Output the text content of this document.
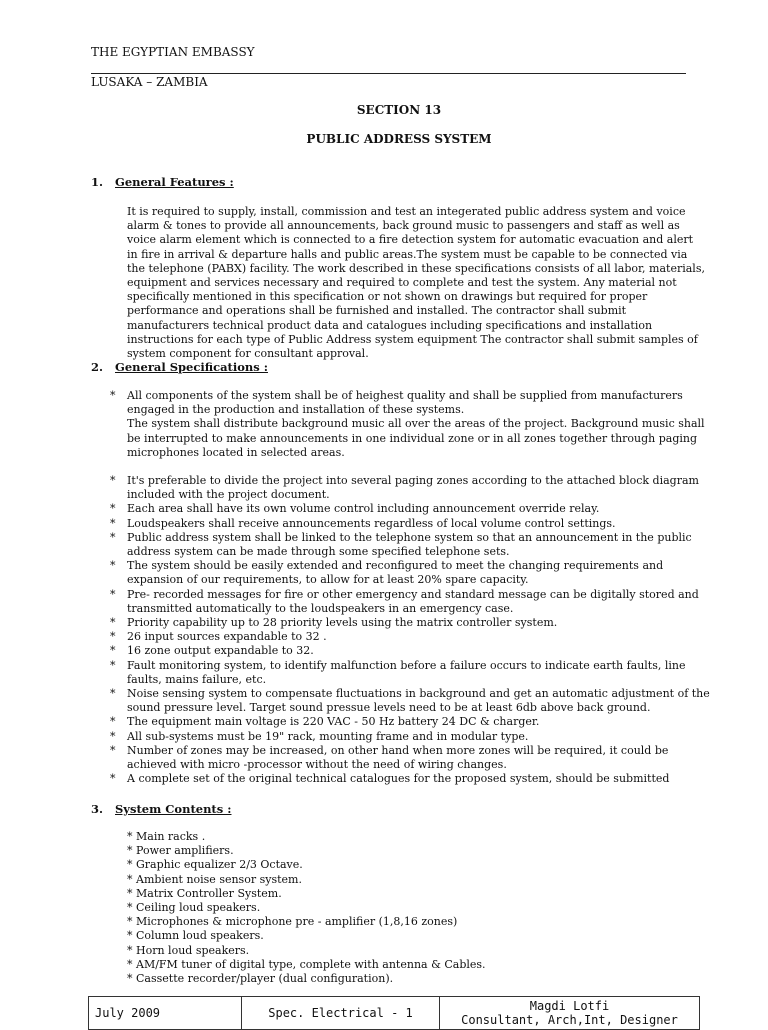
THE EGYPTIAN EMBASSY
LUSAKA – ZAMBIA
SECTION 13
PUBLIC ADDRESS SYSTEM
1. General Features :

It is required to supply, install, commission and test an integerated public address system and voice alarm & tones to provide all announcements, back ground music to passengers and staff as well as voice alarm element which is connected to a fire detection system for automatic evacuation and alert in fire in arrival & departure halls and public areas.The system must be capable to be connected via the telephone (PABX) facility. The work described in these specifications consists of all labor, materials, equipment and services necessary and required to complete and test the system. Any material not specifically mentioned in this specification or not shown on drawings but required for proper performance and operations shall be furnished and installed. The contractor shall submit manufacturers technical product data and catalogues including specifications and installation instructions for each type of Public Address system equipment The contractor shall submit samples of system component for consultant approval.

2. General Specifications :
* All components of the system shall be of heighest quality and shall be supplied from manufacturers engaged in the production and installation of these systems.
The system shall distribute background music all over the areas of the project. Background music shall be interrupted to make announcements in one individual zone or in all zones together through paging microphones located in selected areas.
* It's preferable to divide the project into several paging zones according to the attached block diagram included with the project document.
* Each area shall have its own volume control including announcement override relay.
* Loudspeakers shall receive announcements regardless of local volume control settings.
* Public address system shall be linked to the telephone system so that an announcement in the public address system can be made through some specified telephone sets.
* The system should be easily extended and reconfigured to meet the changing requirements and expansion of our requirements, to allow for at least 20% spare capacity.
* Pre- recorded messages for fire or other emergency and standard message can be digitally stored and transmitted automatically to the loudspeakers in an emergency case.
* Priority capability up to 28 priority levels using the matrix controller system.
* 26 input sources expandable to 32 .
* 16 zone output expandable to 32.
* Fault monitoring system, to identify malfunction before a failure occurs to indicate earth faults, line faults, mains failure, etc.
* Noise sensing system to compensate fluctuations in background and get an automatic adjustment of the sound pressure level. Target sound pressue levels need to be at least 6db above back ground.
* The equipment main voltage is 220 VAC - 50 Hz battery 24 DC & charger.
* All sub-systems must be 19" rack, mounting frame and in modular type.
* Number of zones may be increased, on other hand when more zones will be required, it could be achieved with micro -processor without the need of wiring changes.
* A complete set of the original technical catalogues for the proposed system, should be submitted
3. System Contents :
* Main racks .
* Power amplifiers.
* Graphic equalizer 2/3 Octave.
* Ambient noise sensor system.
* Matrix Controller System.
* Ceiling loud speakers.
* Microphones & microphone pre - amplifier (1,8,16 zones)
* Column loud speakers.
* Horn loud speakers.
* AM/FM tuner of digital type, complete with antenna & Cables.
* Cassette recorder/player (dual configuration).
July 2009	Spec. Electrical - 1	Magdi Lotfi
Consultant, Arch,Int, Designer
